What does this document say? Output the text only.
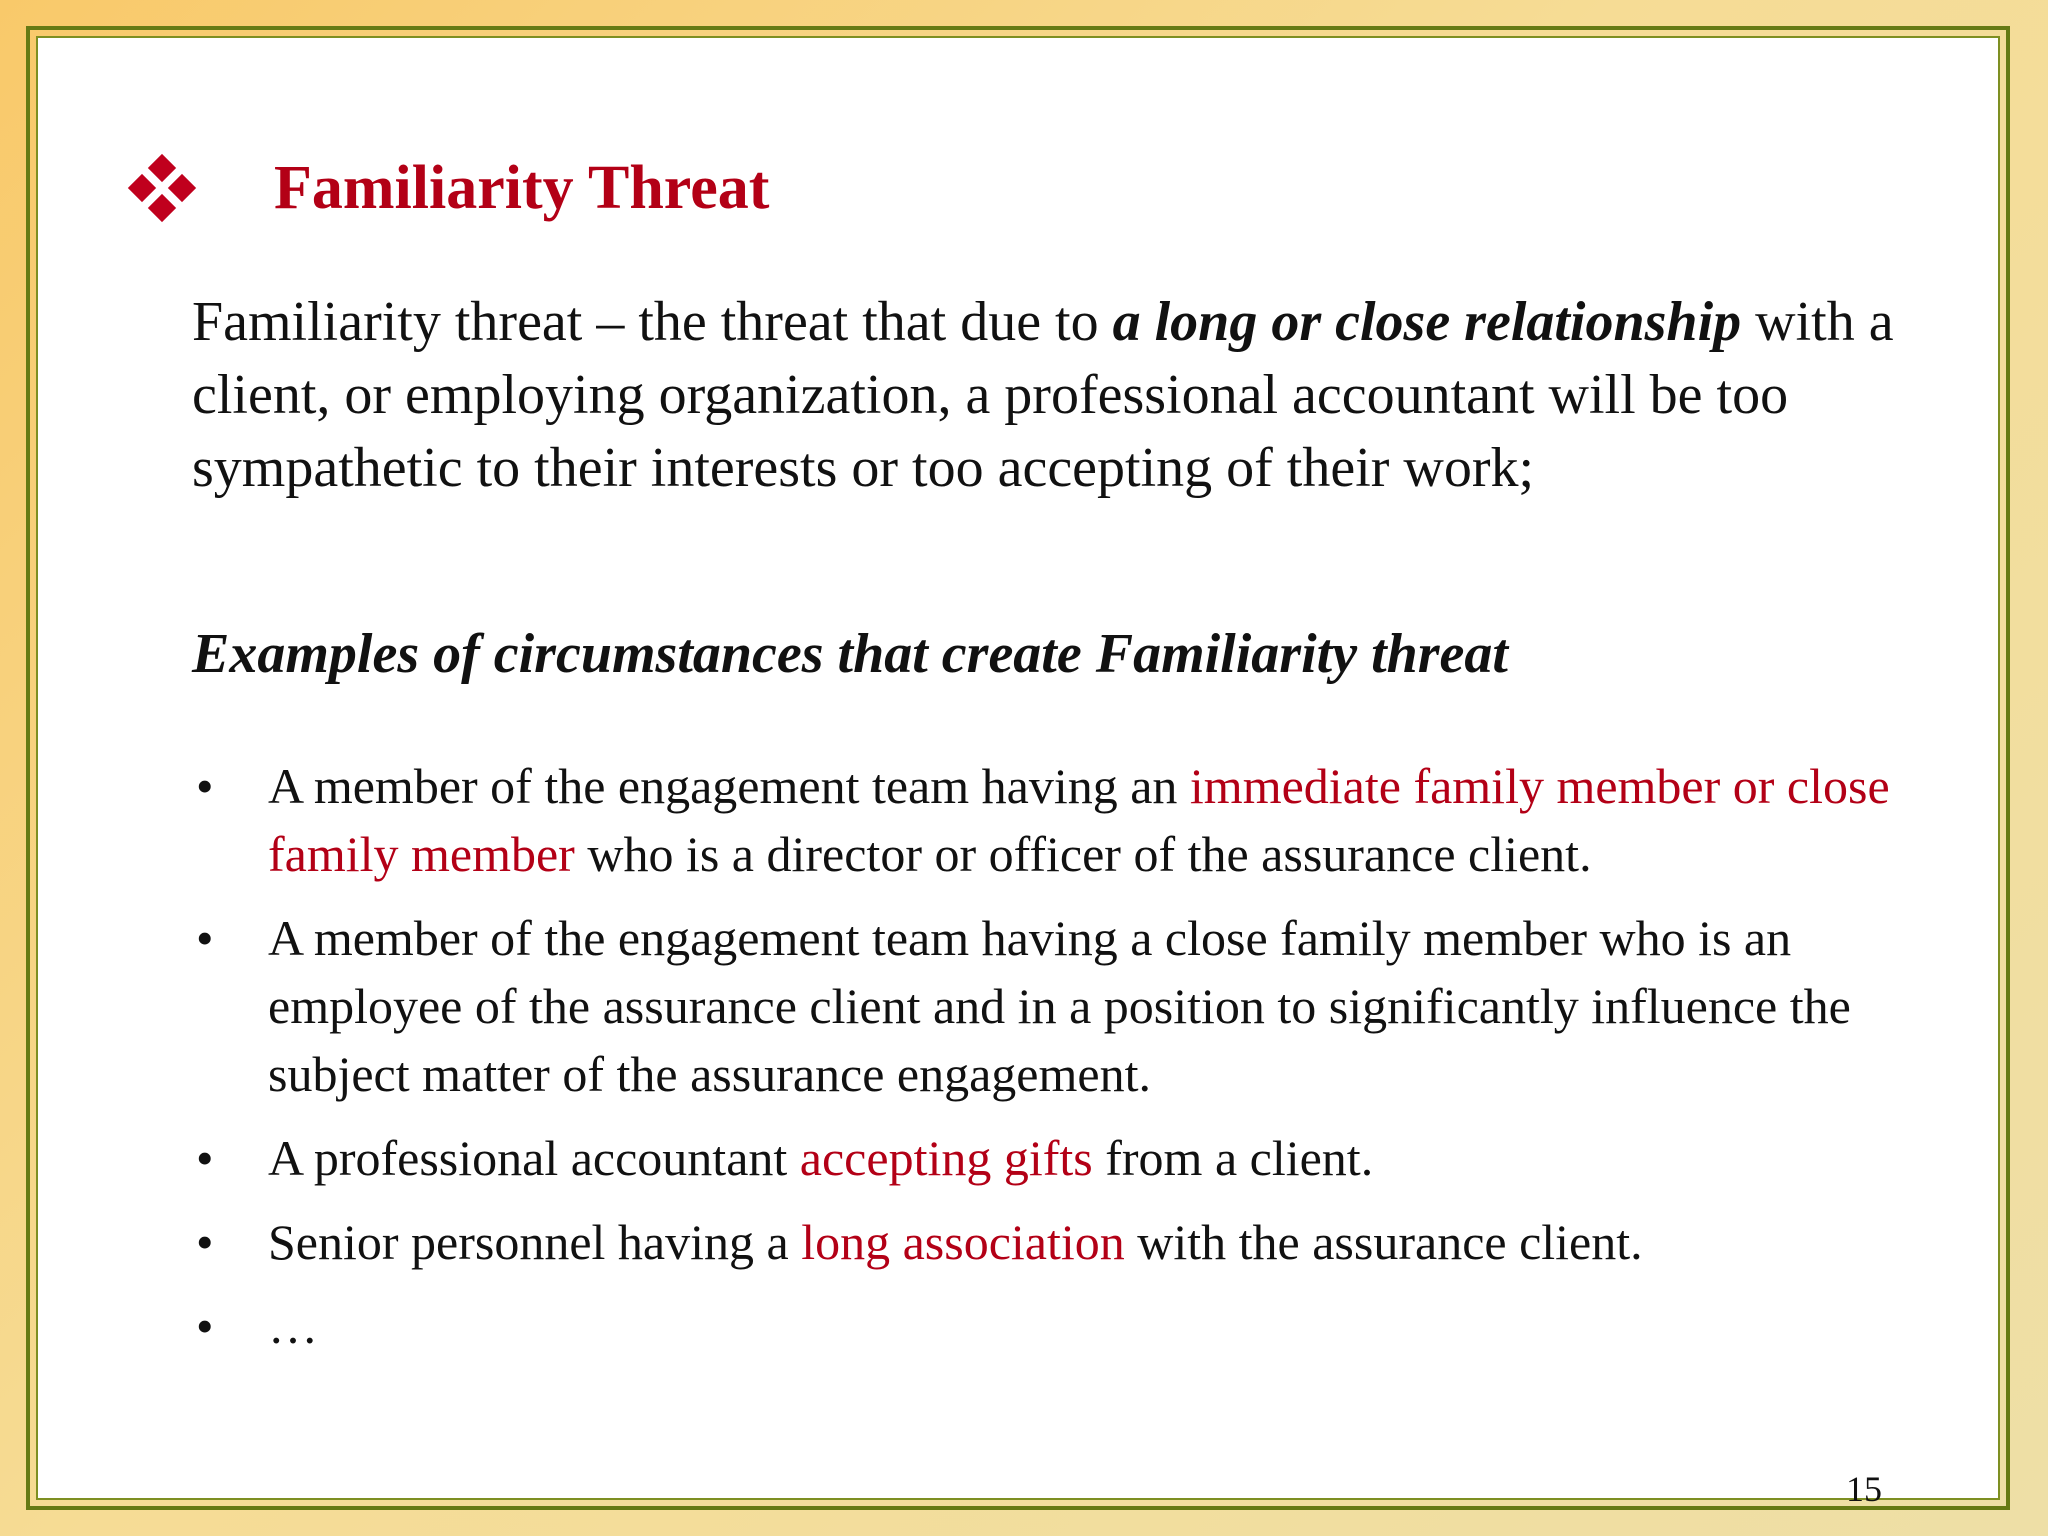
Familiarity Threat
Familiarity threat – the threat that due to a long or close relationship with a client, or employing organization, a professional accountant will be too sympathetic to their interests or too accepting of their work;
Examples of circumstances that create Familiarity threat
•	A member of the engagement team having an immediate family member or close family member who is a director or officer of the assurance client.
•	A member of the engagement team having a close family member who is an employee of the assurance client and in a position to significantly influence the subject matter of the assurance engagement.
•	A professional accountant accepting gifts from a client.
•	Senior personnel having a long association with the assurance client.
•	…
15
